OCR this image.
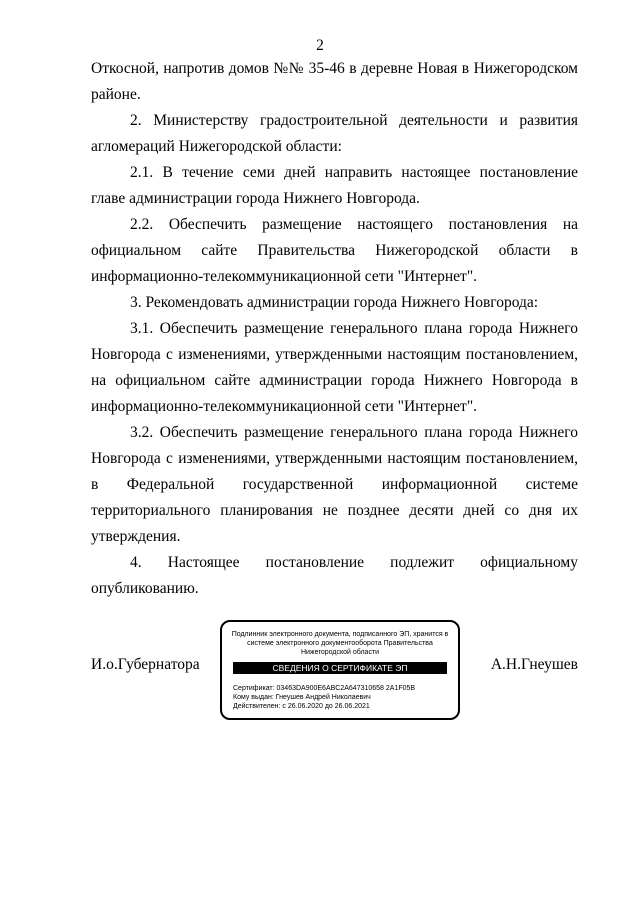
2

Откосной, напротив домов №№ 35-46 в деревне Новая в Нижегородском районе.

2. Министерству градостроительной деятельности и развития агломераций Нижегородской области:

2.1. В течение семи дней направить настоящее постановление главе администрации города Нижнего Новгорода.

2.2. Обеспечить размещение настоящего постановления на официальном сайте Правительства Нижегородской области в информационно-телекоммуникационной сети "Интернет".

3. Рекомендовать администрации города Нижнего Новгорода:

3.1. Обеспечить размещение генерального плана города Нижнего Новгорода с изменениями, утвержденными настоящим постановлением, на официальном сайте администрации города Нижнего Новгорода в информационно-телекоммуникационной сети "Интернет".

3.2. Обеспечить размещение генерального плана города Нижнего Новгорода с изменениями, утвержденными настоящим постановлением, в Федеральной государственной информационной системе территориального планирования не позднее десяти дней со дня их утверждения.

4. Настоящее постановление подлежит официальному опубликованию.

И.о.Губернатора
Подлинник электронного документа, подписанного ЭП, хранится в системе электронного документооборота Правительства Нижегородской области
СВЕДЕНИЯ О СЕРТИФИКАТЕ ЭП
Сертификат: 03463DA900E6ABC2A647310658 2A1F05B
Кому выдан: Гнеушев Андрей Николаевич
Действителен: с 26.06.2020 до 26.06.2021
А.Н.Гнеушев
